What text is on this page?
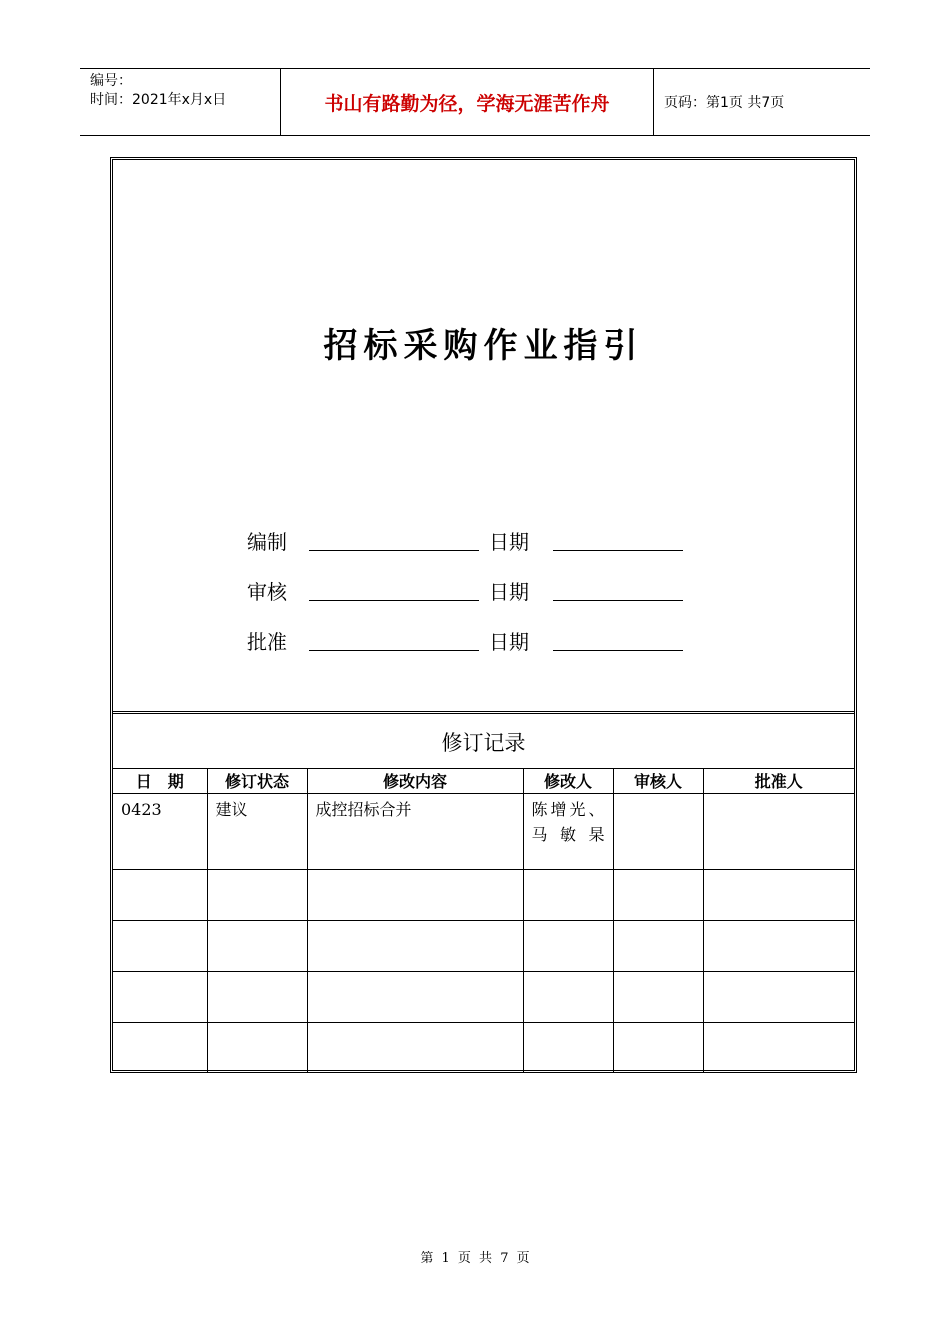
编号：
时间：2021年x月x日	书山有路勤为径，学海无涯苦作舟	页码：第1页 共7页
招标采购作业指引
编制	日期
审核	日期
批准	日期
修订记录
日　期	修订状态	修改内容	修改人	审核人	批准人
0423	建议	成控招标合并	陈增光、马敏杲		

第 1 页 共 7 页
